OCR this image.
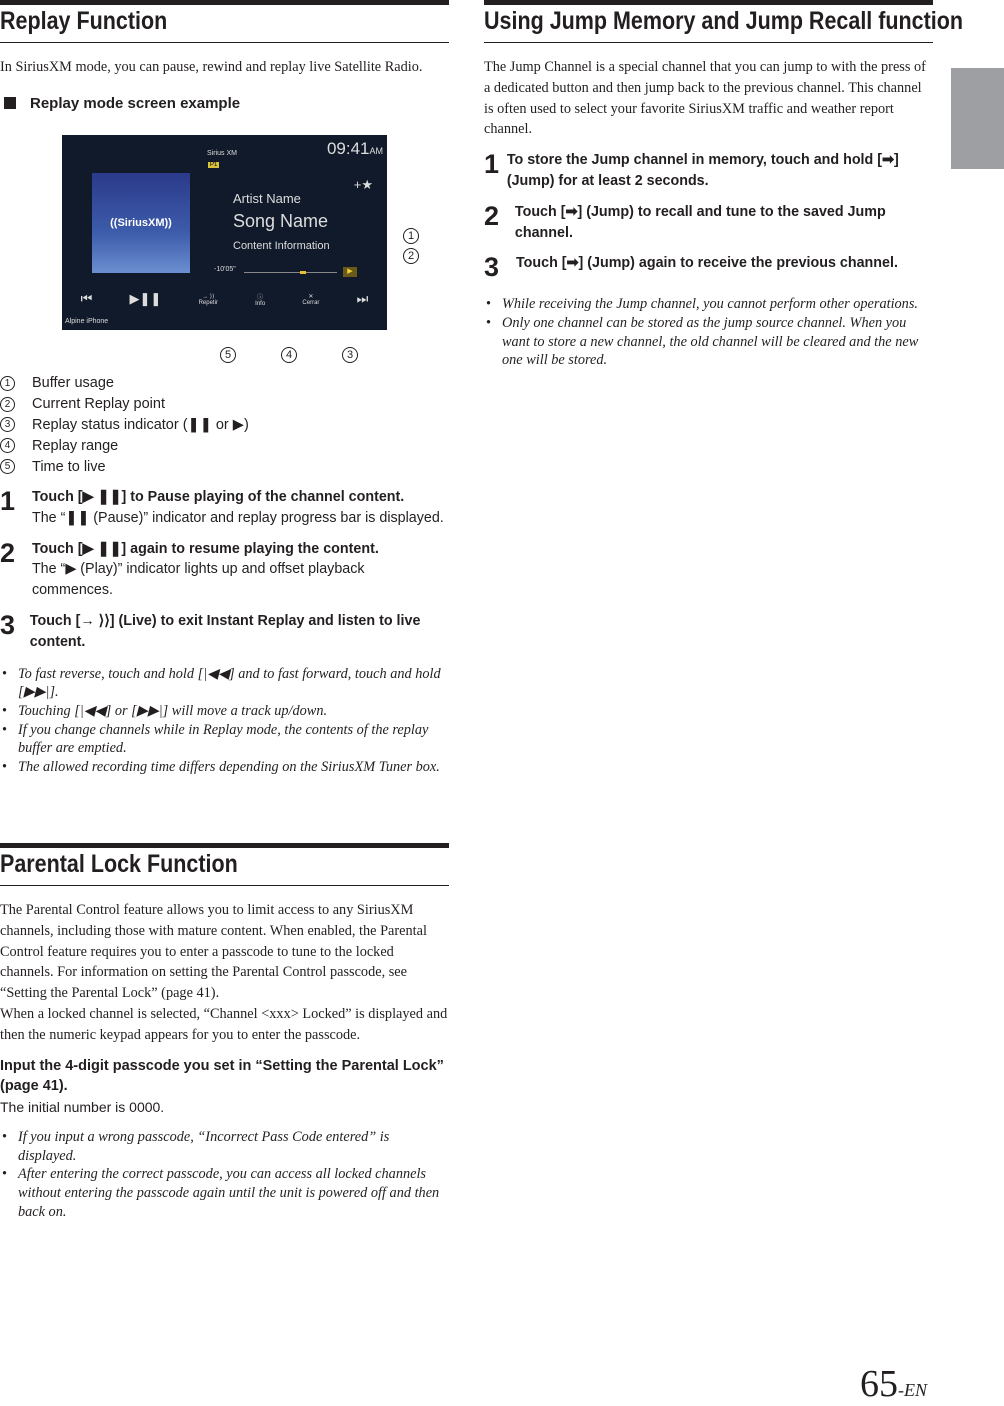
Replay Function

In SiriusXM mode, you can pause, rewind and replay live Satellite Radio.

Replay mode screen example
09:41AM
Sirius XM
P1
((SiriusXM))
Artist Name
Song Name
Content Information
+★
-10'05"	▶
⏮	▶❚❚	→ ⟩⟩
Repetir
ⓘ
Info
✕
Cerrar	⏭
Alpine iPhone
1
2
3
4
5
1	Buffer usage
2	Current Replay point
3	Replay status indicator (❚❚ or ▶)
4	Replay range
5	Time to live
1	Touch [▶ ❚❚] to Pause playing of the channel content.
The “❚❚ (Pause)” indicator and replay progress bar is displayed.
2	Touch [▶ ❚❚] again to resume playing the content.
The “▶ (Play)” indicator lights up and offset playback commences.
3	Touch [→ ⟩⟩] (Live) to exit Instant Replay and listen to live content.
• To fast reverse, touch and hold [|◀◀] and to fast forward, touch and hold [▶▶|].
• Touching [|◀◀] or [▶▶|] will move a track up/down.
• If you change channels while in Replay mode, the contents of the replay buffer are emptied.
• The allowed recording time differs depending on the SiriusXM Tuner box.
Parental Lock Function

The Parental Control feature allows you to limit access to any SiriusXM channels, including those with mature content. When enabled, the Parental Control feature requires you to enter a passcode to tune to the locked channels. For information on setting the Parental Control passcode, see “Setting the Parental Lock” (page 41).

When a locked channel is selected, “Channel <xxx> Locked” is displayed and then the numeric keypad appears for you to enter the passcode.

Input the 4-digit passcode you set in “Setting the Parental Lock” (page 41).

The initial number is 0000.

• If you input a wrong passcode, “Incorrect Pass Code entered” is displayed.
• After entering the correct passcode, you can access all locked channels without entering the passcode again until the unit is powered off and then back on.
Using Jump Memory and Jump Recall function

The Jump Channel is a special channel that you can jump to with the press of a dedicated button and then jump back to the previous channel. This channel is often used to select your favorite SiriusXM traffic and weather report channel.

1 To store the Jump channel in memory, touch and hold [➡] (Jump) for at least 2 seconds.
2	Touch [➡] (Jump) to recall and tune to the saved Jump channel.
3	Touch [➡] (Jump) again to receive the previous channel.
• While receiving the Jump channel, you cannot perform other operations.
• Only one channel can be stored as the jump source channel. When you want to store a new channel, the old channel will be cleared and the new one will be stored.
65-EN
